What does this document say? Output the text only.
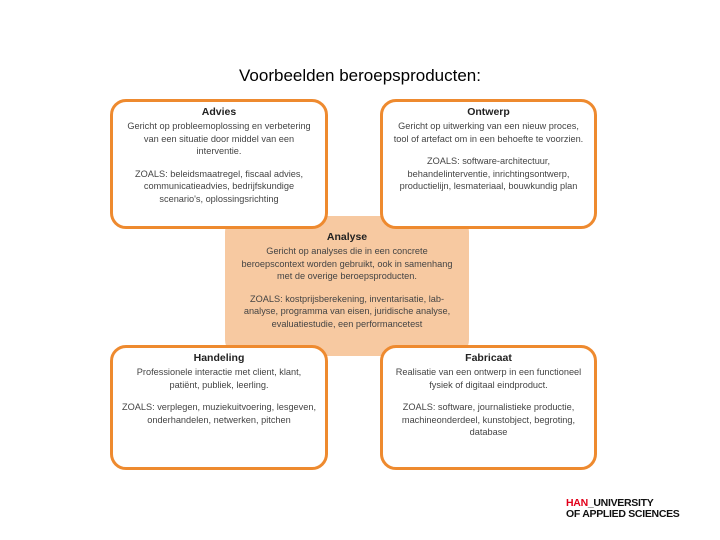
Voorbeelden beroepsproducten:
Analyse

Gericht op analyses die in een concrete beroepscontext worden gebruikt, ook in samenhang met de overige beroepsproducten.

ZOALS: kostprijsberekening, inventarisatie, lab-analyse, programma van eisen, juridische analyse, evaluatiestudie, een performancetest

Advies

Gericht op probleemoplossing en verbetering van een situatie door middel van een interventie.

ZOALS: beleidsmaatregel, fiscaal advies, communicatieadvies, bedrijfskundige scenario's, oplossingsrichting

Ontwerp

Gericht op uitwerking van een nieuw proces, tool of artefact om in een behoefte te voorzien.

ZOALS: software-architectuur, behandelinterventie, inrichtingsontwerp, productielijn, lesmateriaal, bouwkundig plan

Handeling

Professionele interactie met client, klant, patiënt, publiek, leerling.

ZOALS: verplegen, muziekuitvoering, lesgeven, onderhandelen, netwerken, pitchen

Fabricaat

Realisatie van een ontwerp in een functioneel fysiek of digitaal eindproduct.

ZOALS: software, journalistieke productie, machineonderdeel, kunstobject, begroting, database

HAN_UNIVERSITY
OF APPLIED SCIENCES
